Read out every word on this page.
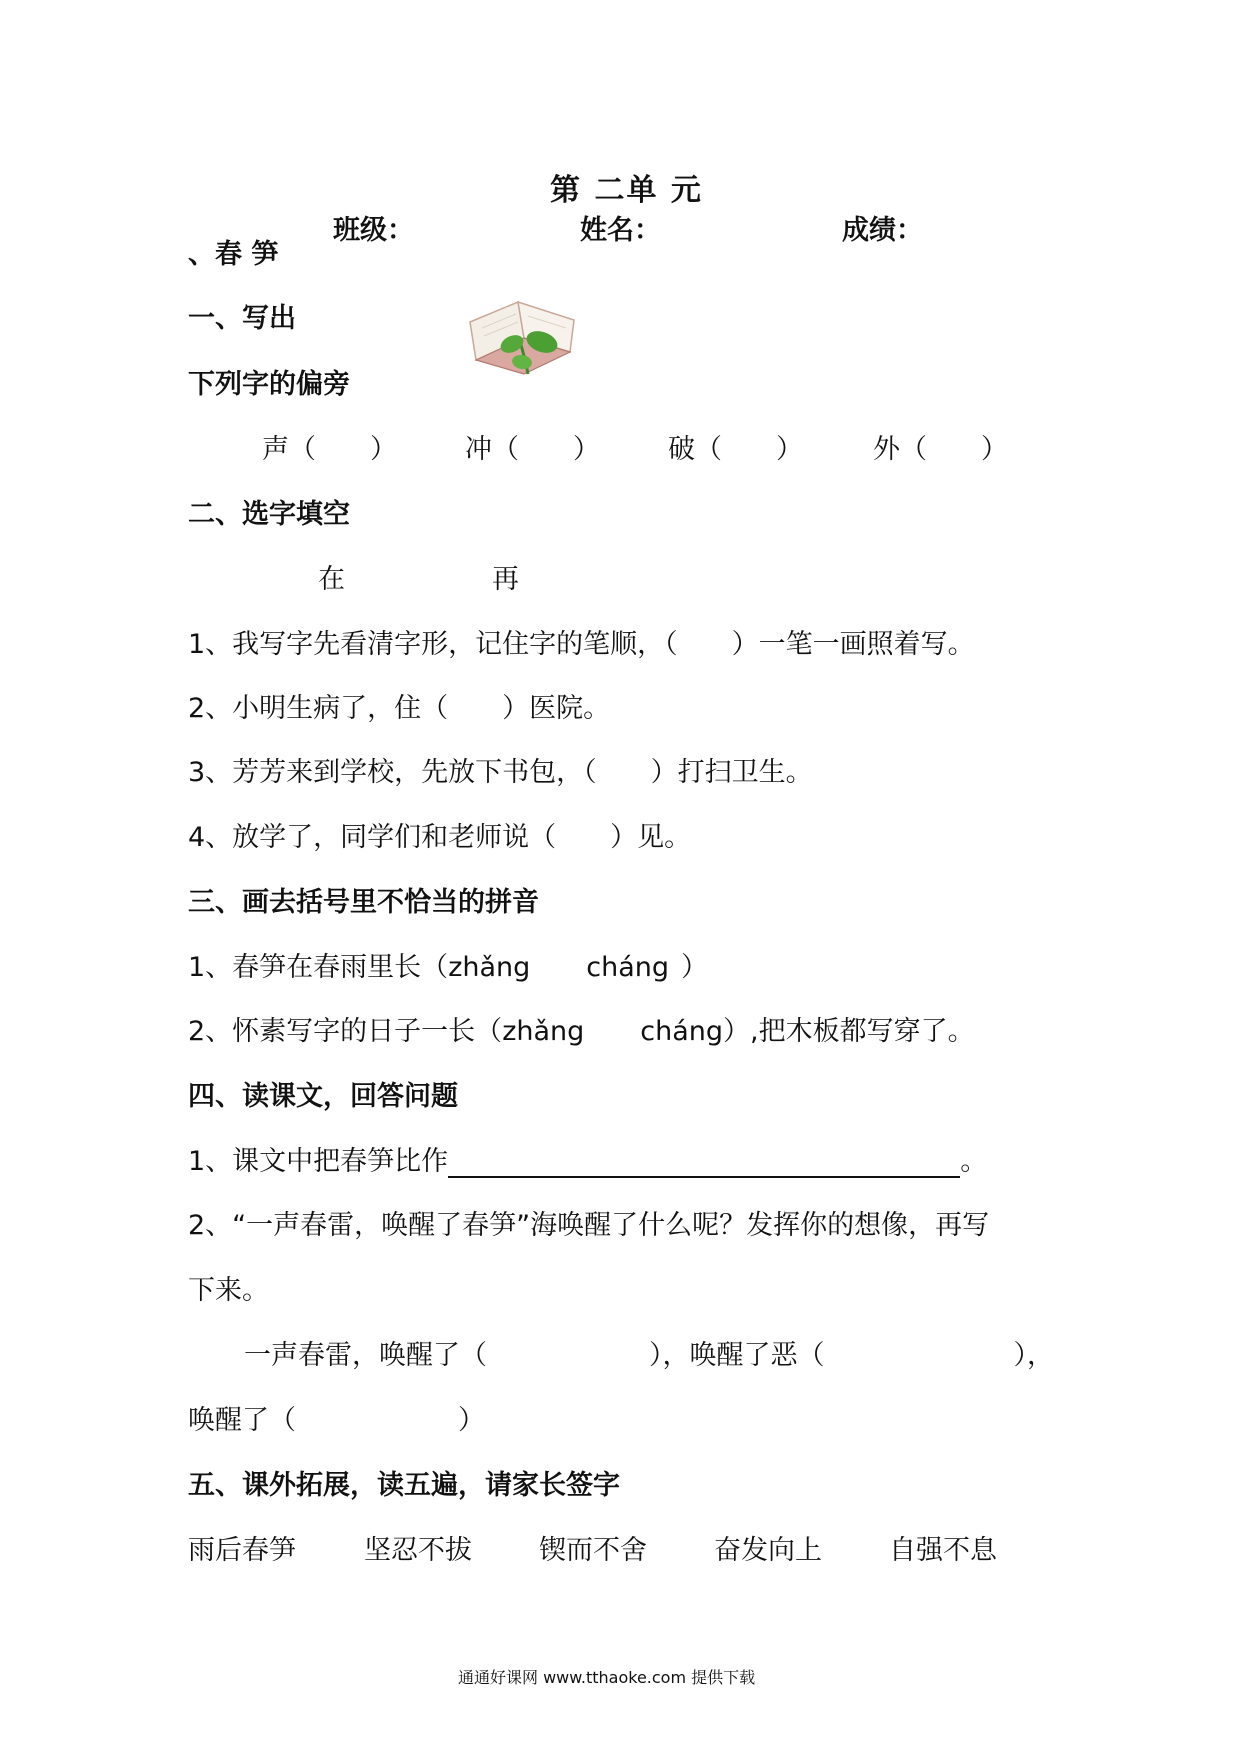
第 二单 元
班级：	姓名：	成绩：
、春 笋
一、写出
下列字的偏旁
声（　　）	冲（　　）	破（　　）	外（　　）
二、选字填空
在	再
1、我写字先看清字形，记住字的笔顺，（　　）一笔一画照着写。
2、小明生病了，住（　　）医院。
3、芳芳来到学校，先放下书包，（　　）打扫卫生。
4、放学了，同学们和老师说（　　）见。
三、画去括号里不恰当的拼音
1、春笋在春雨里长（zhǎng cháng ）
2、怀素写字的日子一长（zhǎng cháng）,把木板都写穿了。
四、读课文，回答问题
1、课文中把春笋比作	。
2、“一声春雷，唤醒了春笋”海唤醒了什么呢？发挥你的想像，再写
下来。
一声春雷，唤醒了（　　　　　　），唤醒了恶（　　　　　　　），
唤醒了（　　　　　　）
五、课外拓展，读五遍，请家长签字
雨后春笋	坚忍不拔 锲而不舍 奋发向上 自强不息
通通好课网 www.tthaoke.com 提供下载
